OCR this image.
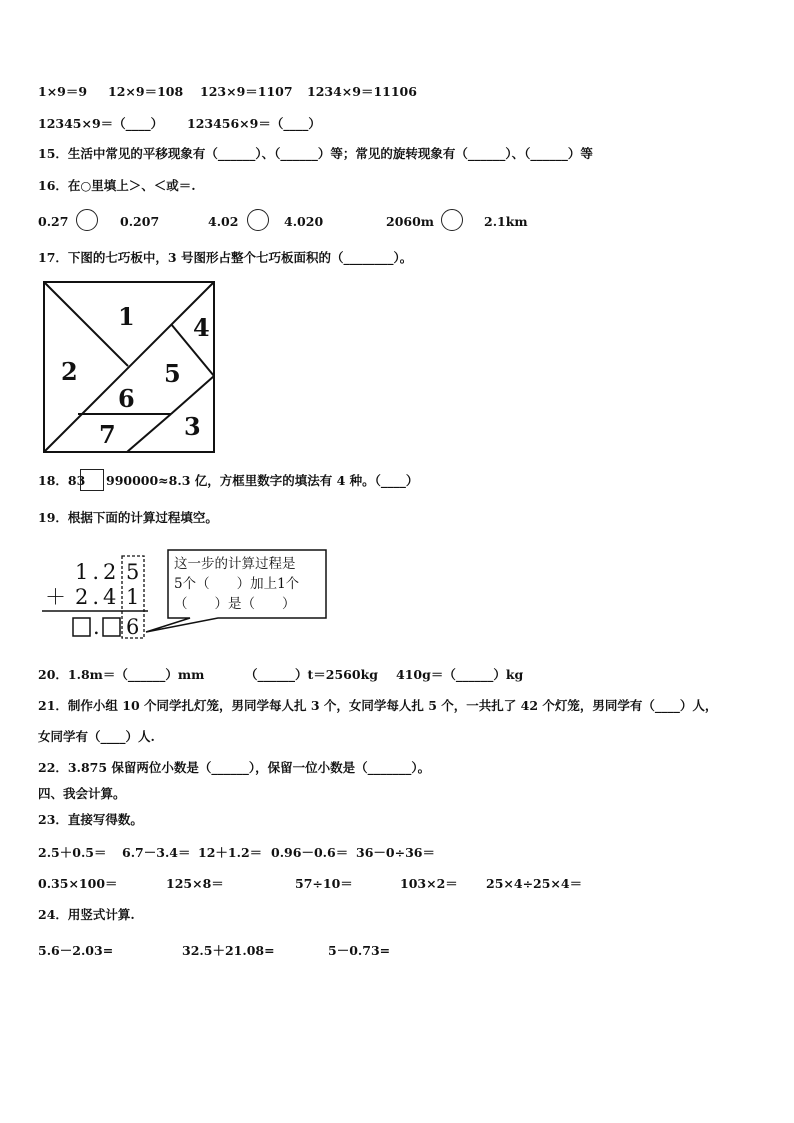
1×9＝9 12×9＝108 123×9＝1107 1234×9＝11106
12345×9＝（____） 123456×9＝（____）
15．生活中常见的平移现象有（______）、（______）等；常见的旋转现象有（______）、（______）等
16．在○里填上＞、＜或＝.
0.27	0.207	4.02	4.020	2060m	2.1km
17．下图的七巧板中，3 号图形占整个七巧板面积的（________）。
1
2
3
4
5
6
7
18．83 990000≈8.3 亿，方框里数字的填法有 4 种。（____）
19．根据下面的计算过程填空。
1.2 5
＋ 2.4 1
. 6
这一步的计算过程是
5个（　　）加上1个
（　　）是（　　）
20．1.8m＝（______）mm	（______）t＝2560kg 410g＝（______）kg
21．制作小组 10 个同学扎灯笼，男同学每人扎 3 个，女同学每人扎 5 个，一共扎了 42 个灯笼，男同学有（____）人，
女同学有（____）人.
22．3.875 保留两位小数是（______），保留一位小数是（_______）。
四、我会计算。
23．直接写得数。
2.5＋0.5＝ 6.7－3.4＝ 12＋1.2＝ 0.96－0.6＝ 36－0÷36＝
0.35×100＝	125×8＝	57÷10＝	103×2＝ 25×4÷25×4＝
24．用竖式计算.
5.6－2.03=	32.5＋21.08=	5－0.73=
